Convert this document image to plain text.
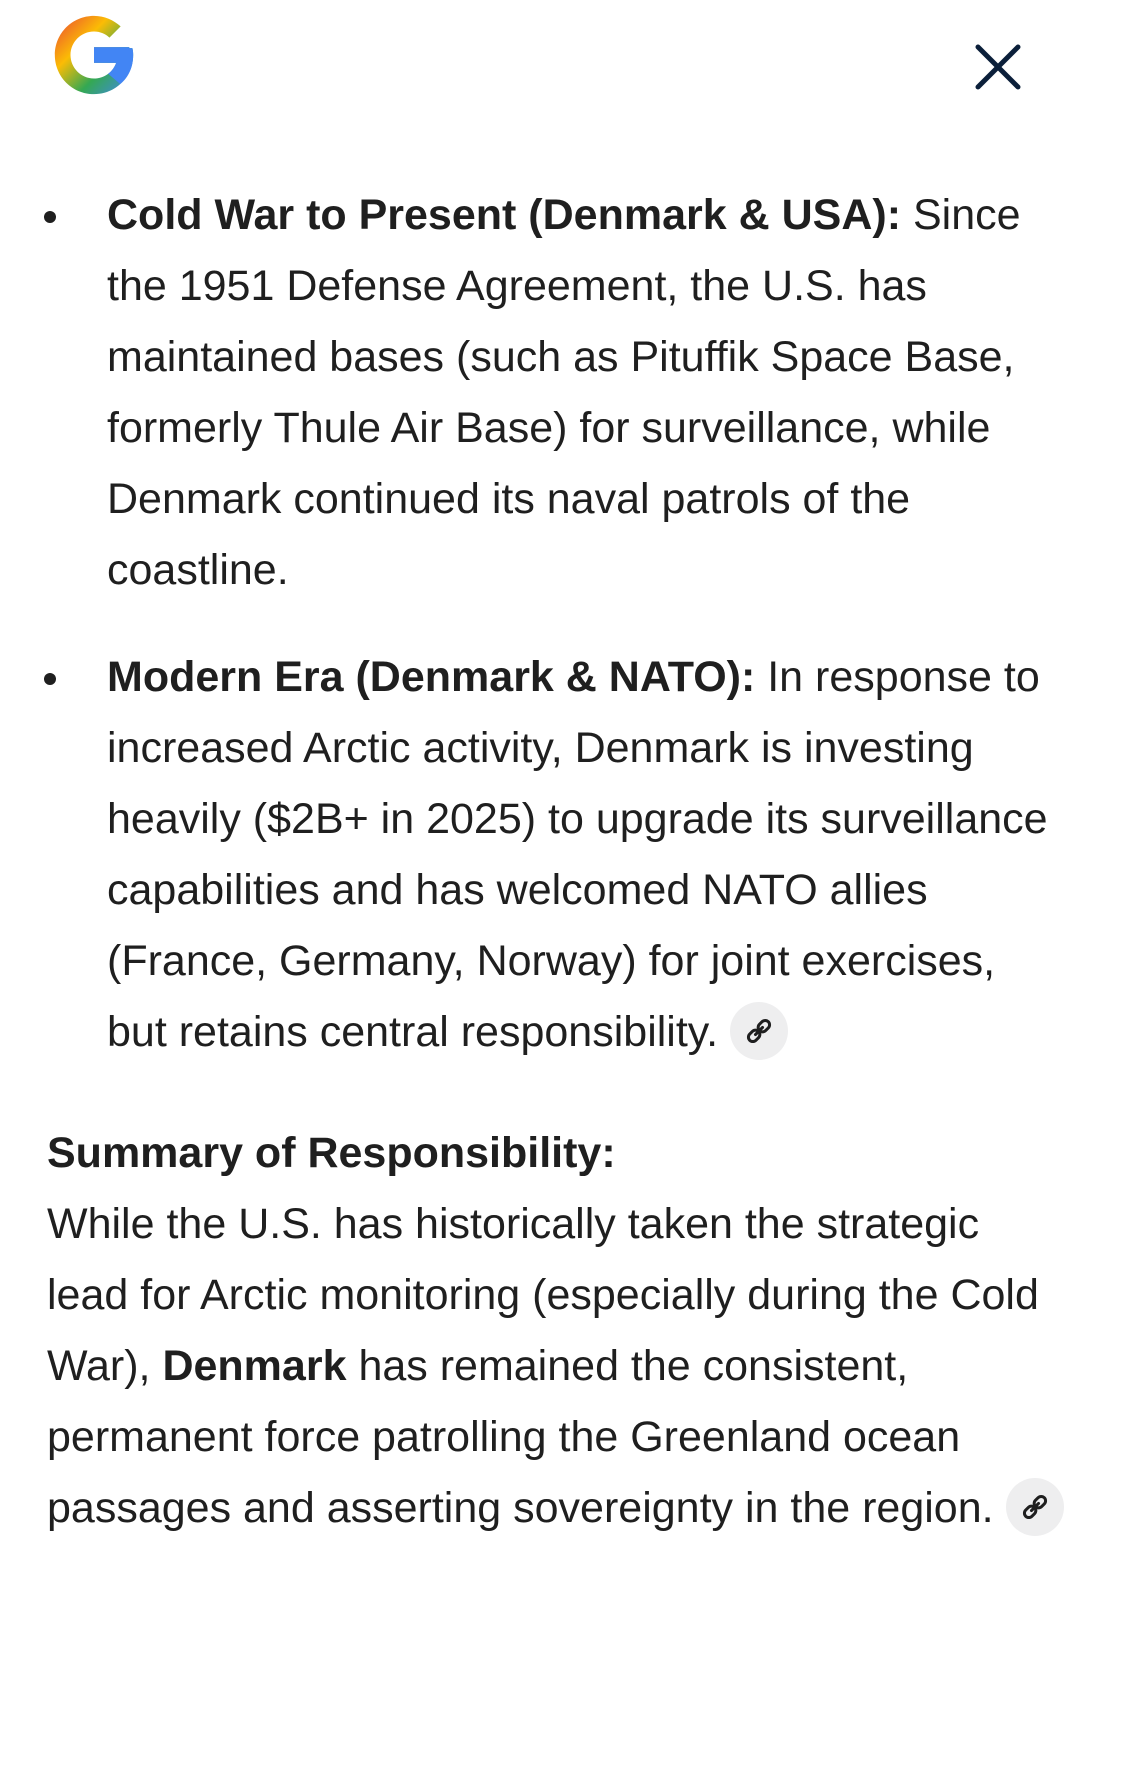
Cold War to Present (Denmark & USA): Since the 1951 Defense Agreement, the U.S. has maintained bases (such as Pituffik Space Base, formerly Thule Air Base) for surveillance, while Denmark continued its naval patrols of the coastline.
Modern Era (Denmark & NATO): In response to increased Arctic activity, Denmark is investing heavily ($2B+ in 2025) to upgrade its surveillance capabilities and has welcomed NATO allies (France, Germany, Norway) for joint exercises, but retains central responsibility.
Summary of Responsibility:
While the U.S. has historically taken the strategic lead for Arctic monitoring (especially during the Cold War), Denmark has remained the consistent, permanent force patrolling the Greenland ocean passages and asserting sovereignty in the region.
